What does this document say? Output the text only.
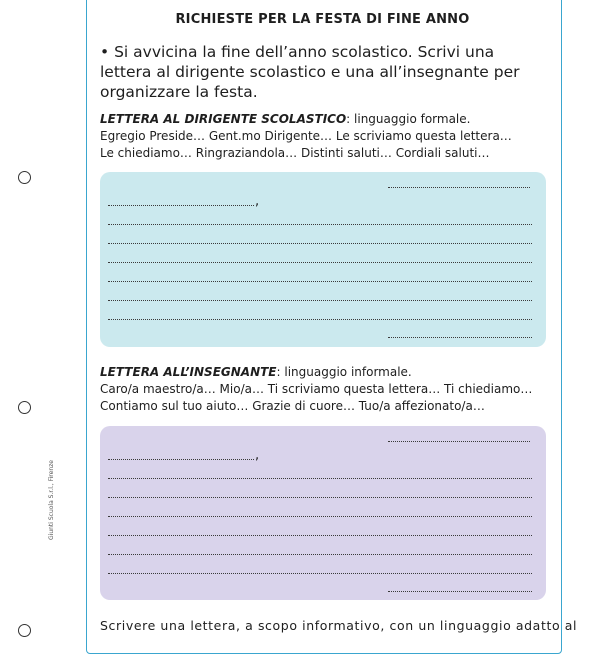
RICHIESTE PER LA FESTA DI FINE ANNO
• Si avvicina la fine dell’anno scolastico. Scrivi una lettera al dirigente scolastico e una all’insegnante per organizzare la festa.
LETTERA AL DIRIGENTE SCOLASTICO: linguaggio formale.
Egregio Preside… Gent.mo Dirigente… Le scriviamo questa lettera…
Le chiediamo… Ringraziandola… Distinti saluti… Cordiali saluti…
,
LETTERA ALL’INSEGNANTE: linguaggio informale.
Caro/a maestro/a… Mio/a… Ti scriviamo questa lettera… Ti chiediamo…
Contiamo sul tuo aiuto… Grazie di cuore… Tuo/a affezionato/a…
,
Giunti Scuola S.r.l., Firenze
Scrivere una lettera, a scopo informativo, con un linguaggio adatto al
